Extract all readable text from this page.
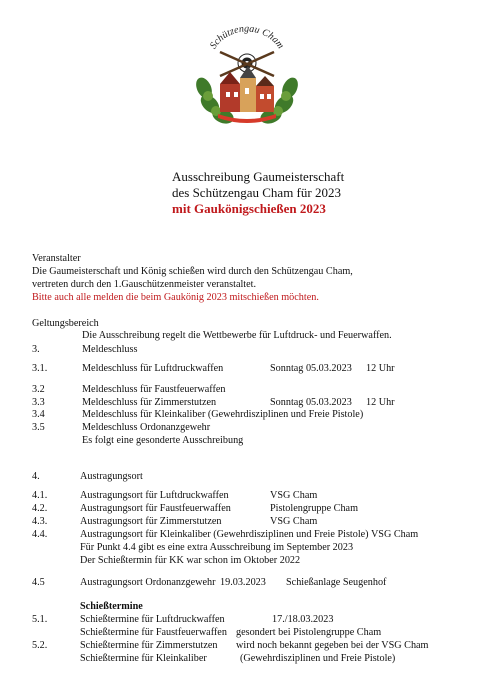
Schützengau Cham
Ausschreibung Gaumeisterschaft
des Schützengau Cham für 2023
mit Gaukönigschießen 2023
Veranstalter
Die Gaumeisterschaft und König schießen wird durch den Schützengau Cham,
vertreten durch den 1.Gauschützenmeister veranstaltet.
Bitte auch alle melden die beim Gaukönig 2023 mitschießen möchten.
Geltungsbereich
Die Ausschreibung regelt die Wettbewerbe für Luftdruck- und Feuerwaffen.
3.	Meldeschluss
3.1.	Meldeschluss für Luftdruckwaffen	Sonntag 05.03.2023 12 Uhr
3.2	Meldeschluss für Faustfeuerwaffen
3.3	Meldeschluss für Zimmerstutzen	Sonntag 05.03.2023 12 Uhr
3.4	Meldeschluss für Kleinkaliber (Gewehrdisziplinen und Freie Pistole)
3.5	Meldeschluss Ordonanzgewehr
Es folgt eine gesonderte Ausschreibung
4.	Austragungsort
4.1.	Austragungsort für Luftdruckwaffen	VSG Cham
4.2.	Austragungsort für Faustfeuerwaffen	Pistolengruppe Cham
4.3.	Austragungsort für Zimmerstutzen	VSG Cham
4.4.	Austragungsort für Kleinkaliber (Gewehrdisziplinen und Freie Pistole) VSG Cham
Für Punkt 4.4 gibt es eine extra Ausschreibung im September 2023
Der Schießtermin für KK war schon im Oktober 2022
4.5	Austragungsort Ordonanzgewehr 19.03.2023 Schießanlage Seugenhof
Schießtermine
5.1.	Schießtermine für Luftdruckwaffen	17./18.03.2023
Schießtermine für Faustfeuerwaffen gesondert bei Pistolengruppe Cham
5.2.	Schießtermine für Zimmerstutzen wird noch bekannt gegeben bei der VSG Cham
Schießtermine für Kleinkaliber	(Gewehrdisziplinen und Freie Pistole)
